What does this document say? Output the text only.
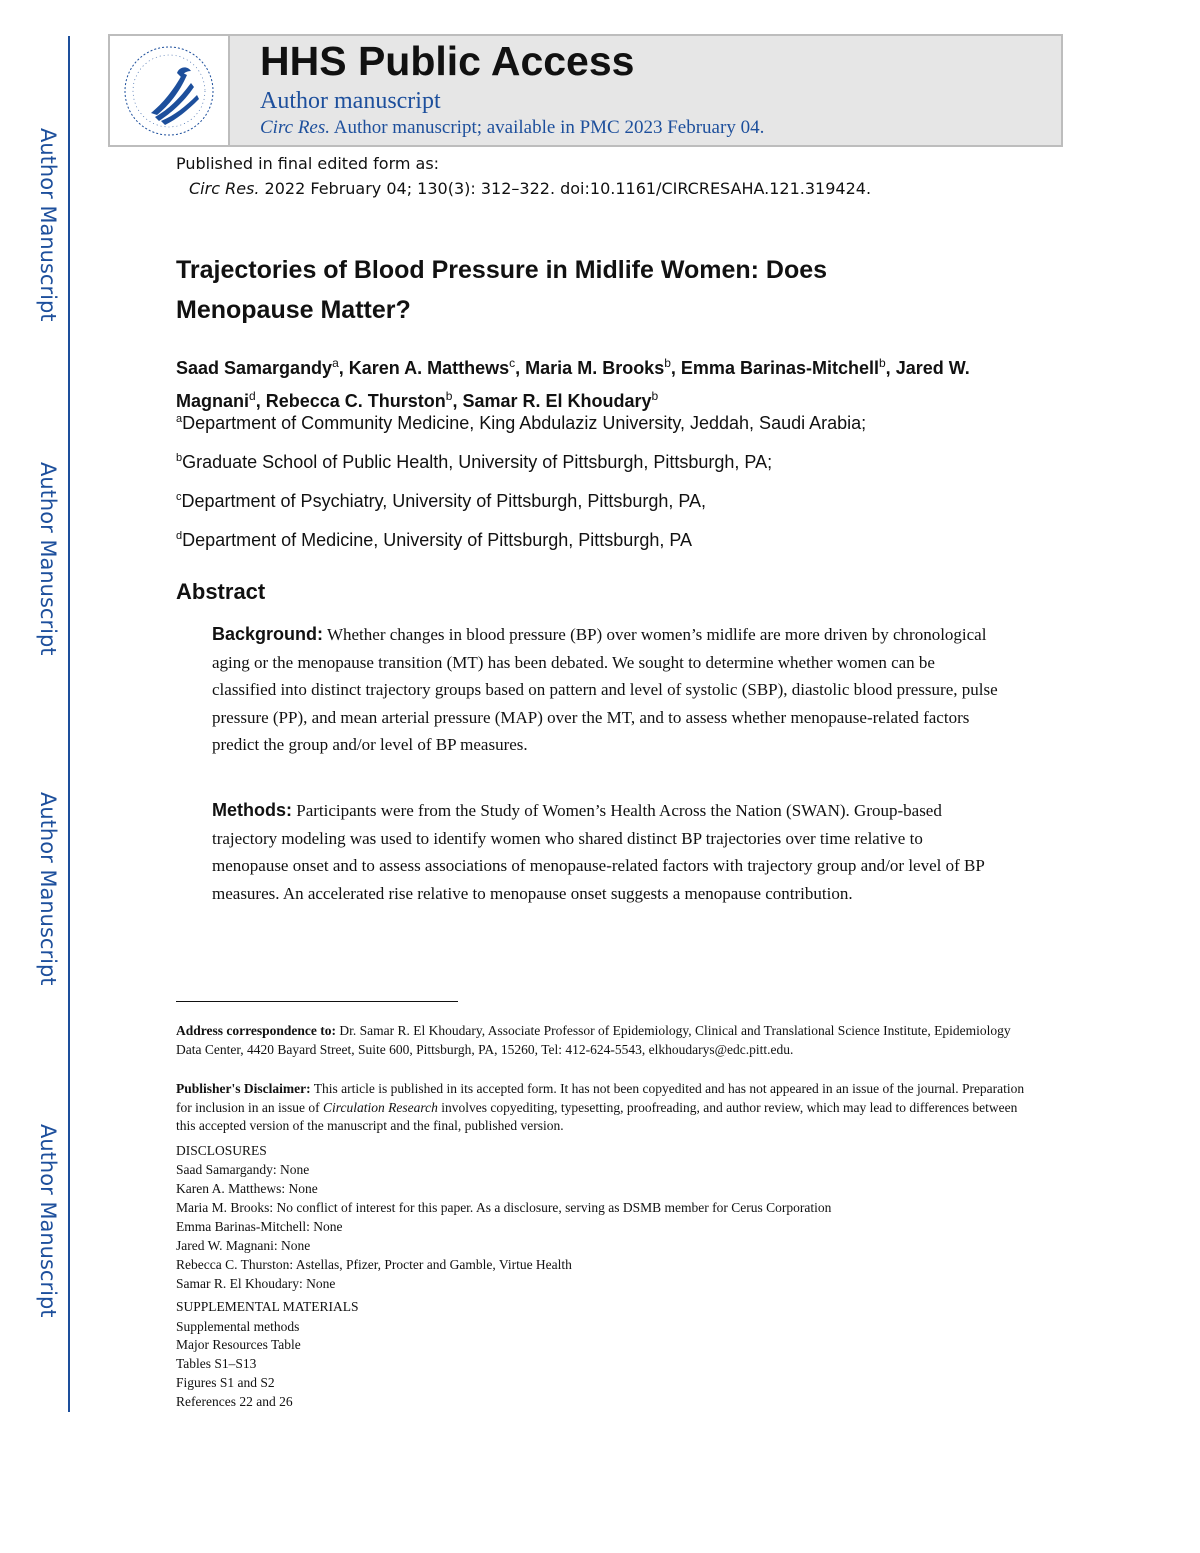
Author Manuscript
Author Manuscript
Author Manuscript
Author Manuscript
HHS Public Access
Author manuscript
Circ Res. Author manuscript; available in PMC 2023 February 04.
Published in final edited form as:
Circ Res. 2022 February 04; 130(3): 312–322. doi:10.1161/CIRCRESAHA.121.319424.
Trajectories of Blood Pressure in Midlife Women: Does
Menopause Matter?
Saad Samargandy$^a$, Karen A. Matthews$^c$, Maria M. Brooks$^b$, Emma Barinas-Mitchell$^b$, Jared W. Magnani$^d$, Rebecca C. Thurston$^b$, Samar R. El Khoudary$^b$
$^a$Department of Community Medicine, King Abdulaziz University, Jeddah, Saudi Arabia;
$^b$Graduate School of Public Health, University of Pittsburgh, Pittsburgh, PA;
$^c$Department of Psychiatry, University of Pittsburgh, Pittsburgh, PA,
$^d$Department of Medicine, University of Pittsburgh, Pittsburgh, PA
Abstract
Background: Whether changes in blood pressure (BP) over women’s midlife are more driven by chronological aging or the menopause transition (MT) has been debated. We sought to determine whether women can be classified into distinct trajectory groups based on pattern and level of systolic (SBP), diastolic blood pressure, pulse pressure (PP), and mean arterial pressure (MAP) over the MT, and to assess whether menopause-related factors predict the group and/or level of BP measures.
Methods: Participants were from the Study of Women’s Health Across the Nation (SWAN). Group-based trajectory modeling was used to identify women who shared distinct BP trajectories over time relative to menopause onset and to assess associations of menopause-related factors with trajectory group and/or level of BP measures. An accelerated rise relative to menopause onset suggests a menopause contribution.
Address correspondence to: Dr. Samar R. El Khoudary, Associate Professor of Epidemiology, Clinical and Translational Science Institute, Epidemiology Data Center, 4420 Bayard Street, Suite 600, Pittsburgh, PA, 15260, Tel: 412-624-5543, elkhoudarys@edc.pitt.edu.
Publisher's Disclaimer: This article is published in its accepted form. It has not been copyedited and has not appeared in an issue of the journal. Preparation for inclusion in an issue of Circulation Research involves copyediting, typesetting, proofreading, and author review, which may lead to differences between this accepted version of the manuscript and the final, published version.
DISCLOSURES
Saad Samargandy: None
Karen A. Matthews: None
Maria M. Brooks: No conflict of interest for this paper. As a disclosure, serving as DSMB member for Cerus Corporation
Emma Barinas-Mitchell: None
Jared W. Magnani: None
Rebecca C. Thurston: Astellas, Pfizer, Procter and Gamble, Virtue Health
Samar R. El Khoudary: None
SUPPLEMENTAL MATERIALS
Supplemental methods
Major Resources Table
Tables S1–S13
Figures S1 and S2
References 22 and 26
